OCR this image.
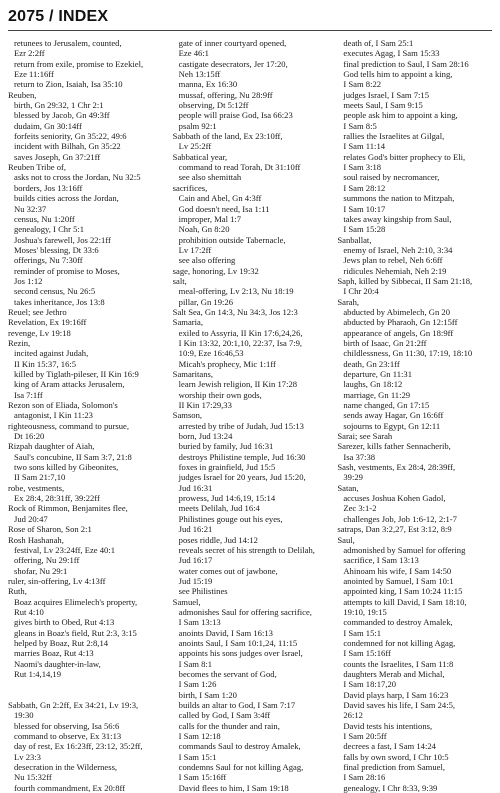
2075 / INDEX
retunees to Jerusalem, counted,
Ezr 2:2ff
return from exile, promise to Ezekiel,
Eze 11:16ff
return to Zion, Isaiah, Isa 35:10
Reuben,
birth, Gn 29:32, 1 Chr 2:1
blessed by Jacob, Gn 49:3ff
dudaim, Gn 30:14ff
forfeits seniority, Gn 35:22, 49:6
incident with Bilhah, Gn 35:22
saves Joseph, Gn 37:21ff
Reuben Tribe of,
asks not to cross the Jordan, Nu 32:5
borders, Jos 13:16ff
builds cities across the Jordan,
Nu 32:37
census, Nu 1:20ff
genealogy, I Chr 5:1
Joshua's farewell, Jos 22:1ff
Moses' blessing, Dt 33:6
offerings, Nu 7:30ff
reminder of promise to Moses,
Jos 1:12
second census, Nu 26:5
takes inheritance, Jos 13:8
Reuel; see Jethro
Revelation, Ex 19:16ff
revenge, Lv 19:18
Rezin,
incited against Judah,
II Kin 15:37, 16:5
killed by Tiglath-pileser, II Kin 16:9
king of Aram attacks Jerusalem,
Isa 7:1ff
Rezon son of Eliada, Solomon's
antagonist, I Kin 11:23
righteousness, command to pursue,
Dt 16:20
Rizpah daughter of Aiah,
Saul's concubine, II Sam 3:7, 21:8
two sons killed by Gibeonites,
II Sam 21:7,10
robe, vestments,
Ex 28:4, 28:31ff, 39:22ff
Rock of Rimmon, Benjamites flee,
Jud 20:47
Rose of Sharon, Son 2:1
Rosh Hashanah,
festival, Lv 23:24ff, Eze 40:1
offering, Nu 29:1ff
shofar, Nu 29:1
ruler, sin-offering, Lv 4:13ff
Ruth,
Boaz acquires Elimelech's property,
Rut 4:10
gives birth to Obed, Rut 4:13
gleans in Boaz's field, Rut 2:3, 3:15
helped by Boaz, Rut 2:8,14
marries Boaz, Rut 4:13
Naomi's daughter-in-law,
Rut 1:4,14,19
Sabbath, Gn 2:2ff, Ex 34:21, Lv 19:3,
19:30
blessed for observing, Isa 56:6
command to observe, Ex 31:13
day of rest, Ex 16:23ff, 23:12, 35:2ff,
Lv 23:3
desecration in the Wilderness,
Nu 15:32ff
fourth commandment, Ex 20:8ff
gate of inner courtyard opened,
Eze 46:1
castigate desecrators, Jer 17:20,
Neh 13:15ff
manna, Ex 16:30
mussaf, offering, Nu 28:9ff
observing, Dt 5:12ff
people will praise God, Isa 66:23
psalm 92:1
Sabbath of the land, Ex 23:10ff,
Lv 25:2ff
Sabbatical year,
command to read Torah, Dt 31:10ff
see also shemittah
sacrifices,
Cain and Abel, Gn 4:3ff
God doesn't need, Isa 1:11
improper, Mal 1:7
Noah, Gn 8:20
prohibition outside Tabernacle,
Lv 17:2ff
see also offering
sage, honoring, Lv 19:32
salt,
meal-offering, Lv 2:13, Nu 18:19
pillar, Gn 19:26
Salt Sea, Gn 14:3, Nu 34:3, Jos 12:3
Samaria,
exiled to Assyria, II Kin 17:6,24,26,
I Kin 13:32, 20:1,10, 22:37, Isa 7:9,
10:9, Eze 16:46,53
Micah's prophecy, Mic 1:1ff
Samaritans,
learn Jewish religion, II Kin 17:28
worship their own gods,
II Kin 17:29,33
Samson,
arrested by tribe of Judah, Jud 15:13
born, Jud 13:24
buried by family, Jud 16:31
destroys Philistine temple, Jud 16:30
foxes in grainfield, Jud 15:5
judges Israel for 20 years, Jud 15:20,
Jud 16:31
prowess, Jud 14:6,19, 15:14
meets Delilah, Jud 16:4
Philistines gouge out his eyes,
Jud 16:21
poses riddle, Jud 14:12
reveals secret of his strength to Delilah,
Jud 16:17
water comes out of jawbone,
Jud 15:19
see Philistines
Samuel,
admonishes Saul for offering sacrifice,
I Sam 13:13
anoints David, I Sam 16:13
anoints Saul, I Sam 10:1,24, 11:15
appoints his sons judges over Israel,
I Sam 8:1
becomes the servant of God,
I Sam 1:26
birth, I Sam 1:20
builds an altar to God, I Sam 7:17
called by God, I Sam 3:4ff
calls for the thunder and rain,
I Sam 12:18
commands Saul to destroy Amalek,
I Sam 15:1
condemns Saul for not killing Agag,
I Sam 15:16ff
David flees to him, I Sam 19:18
death of, I Sam 25:1
executes Agag, I Sam 15:33
final prediction to Saul, I Sam 28:16
God tells him to appoint a king,
I Sam 8:22
judges Israel, I Sam 7:15
meets Saul, I Sam 9:15
people ask him to appoint a king,
I Sam 8:5
rallies the Israelites at Gilgal,
I Sam 11:14
relates God's bitter prophecy to Eli,
I Sam 3:18
soul raised by necromancer,
I Sam 28:12
summons the nation to Mitzpah,
I Sam 10:17
takes away kingship from Saul,
I Sam 15:28
Sanballat,
enemy of Israel, Neh 2:10, 3:34
Jews plan to rebel, Neh 6:6ff
ridicules Nehemiah, Neh 2:19
Saph, killed by Sibbecai, II Sam 21:18,
I Chr 20:4
Sarah,
abducted by Abimelech, Gn 20
abducted by Pharaoh, Gn 12:15ff
appearance of angels, Gn 18:9ff
birth of Isaac, Gn 21:2ff
childlessness, Gn 11:30, 17:19, 18:10
death, Gn 23:1ff
departure, Gn 11:31
laughs, Gn 18:12
marriage, Gn 11:29
name changed, Gn 17:15
sends away Hagar, Gn 16:6ff
sojourns to Egypt, Gn 12:11
Sarai; see Sarah
Sarezer, kills father Sennacherib,
Isa 37:38
Sash, vestments, Ex 28:4, 28:39ff,
39:29
Satan,
accuses Joshua Kohen Gadol,
Zec 3:1-2
challenges Job, Job 1:6-12, 2:1-7
satraps, Dan 3:2,27, Est 3:12, 8:9
Saul,
admonished by Samuel for offering
sacrifice, I Sam 13:13
Ahinoam his wife, I Sam 14:50
anointed by Samuel, I Sam 10:1
appointed king, I Sam 10:24 11:15
attempts to kill David, I Sam 18:10,
19:10, 19:15
commanded to destroy Amalek,
I Sam 15:1
condemned for not killing Agag,
I Sam 15:16ff
counts the Israelites, I Sam 11:8
daughters Merab and Michal,
I Sam 18:17,20
David plays harp, I Sam 16:23
David saves his life, I Sam 24:5,
26:12
David tests his intentions,
I Sam 20:5ff
decrees a fast, I Sam 14:24
falls by own sword, I Chr 10:5
final prediction from Samuel,
I Sam 28:16
genealogy, I Chr 8:33, 9:39
